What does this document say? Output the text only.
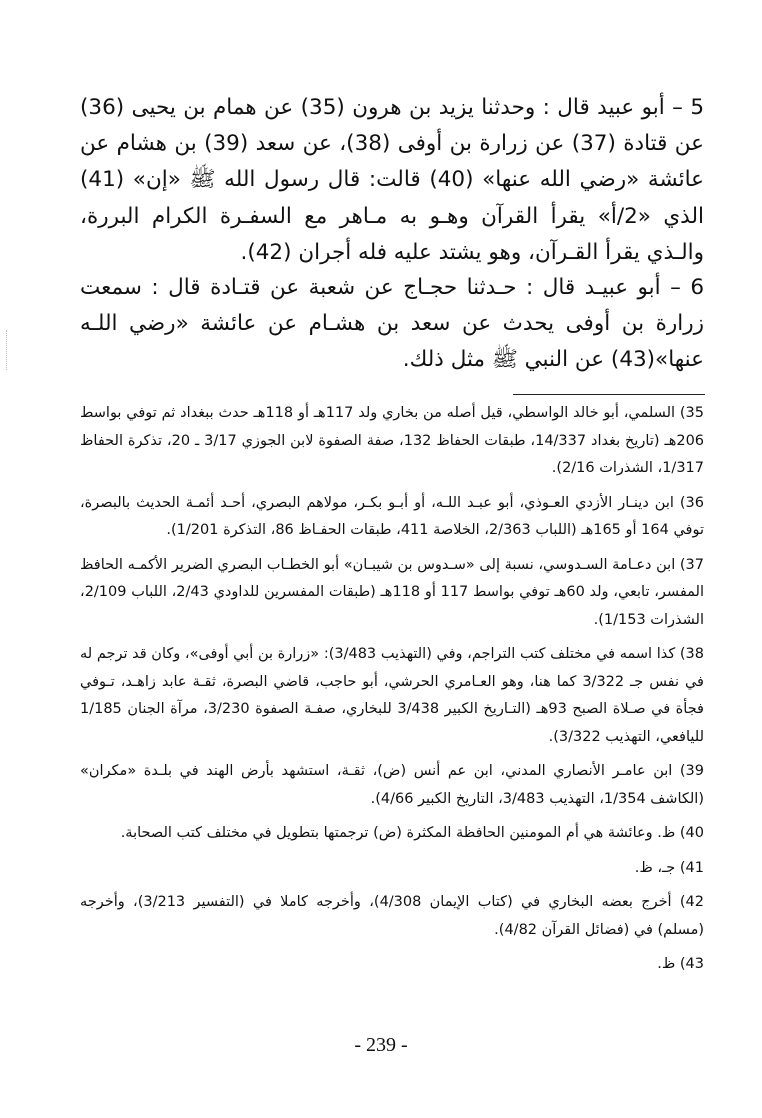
5 – أبو عبيد قال : وحدثنا يزيد بن هرون (35) عن همام بن يحيى (36) عن قتادة (37) عن زرارة بن أوفى (38)، عن سعد (39) بن هشام عن عائشة «رضي الله عنها» (40) قالت: قال رسول الله ﷺ «إن» (41) الذي «2/أ» يقرأ القرآن وهـو به مـاهر مع السفـرة الكرام البررة، والـذي يقرأ القـرآن، وهو يشتد عليه فله أجران (42).

6 – أبو عبيـد قال : حـدثنا حجـاج عن شعبة عن قتـادة قال : سمعت زرارة بن أوفى يحدث عن سعد بن هشـام عن عائشة «رضي اللـه عنها»(43) عن النبي ﷺ مثل ذلك.

35) السلمي، أبو خالد الواسطي، قيل أصله من بخاري ولد 117هـ أو 118هـ حدث ببغداد ثم توفي بواسط 206هـ (تاريخ بغداد 14/337، طبقات الحفاظ 132، صفة الصفوة لابن الجوزي 3/17 ـ 20، تذكرة الحفاظ 1/317، الشذرات 2/16).

36) ابن دينـار الأزدي العـوذي، أبو عبـد اللـه، أو أبـو بكـر، مولاهم البصري، أحـد أئمـة الحديث بالبصرة، توفي 164 أو 165هـ (اللباب 2/363، الخلاصة 411، طبقات الحفـاظ 86، التذكرة 1/201).

37) ابن دعـامة السـدوسي، نسبة إلى «سـدوس بن شيبـان» أبو الخطـاب البصري الضرير الأكمـه الحافظ المفسر، تابعي، ولد 60هـ توفي بواسط 117 أو 118هـ (طبقات المفسرين للداودي 2/43، اللباب 2/109، الشذرات 1/153).

38) كذا اسمه في مختلف كتب التراجم، وفي (التهذيب 3/483): «زرارة بن أبي أوفى»، وكان قد ترجم له في نفس جـ 3/322 كما هنا، وهو العـامري الحرشي، أبو حاجب، قاضي البصرة، ثقـة عابد زاهـد، تـوفي فجأة في صـلاة الصبح 93هـ (التـاريخ الكبير 3/438 للبخاري، صفـة الصفوة 3/230، مرآة الجنان 1/185 لليافعي، التهذيب 3/322).

39) ابن عامـر الأنصاري المدني، ابن عم أنس (ض)، ثقـة، استشهد بأرض الهند في بلـدة «مكران» (الكاشف 1/354، التهذيب 3/483، التاريخ الكبير 4/66).

40) ظ. وعائشة هي أم المومنين الحافظة المكثرة (ض) ترجمتها بتطويل في مختلف كتب الصحابة.

41) جـ، ظ.

42) أخرج بعضه البخاري في (كتاب الإيمان 4/308)، وأخرجه كاملا في (التفسير 3/213)، وأخرجه (مسلم) في (فضائل القرآن 4/82).

43) ظ.

- 239 -
